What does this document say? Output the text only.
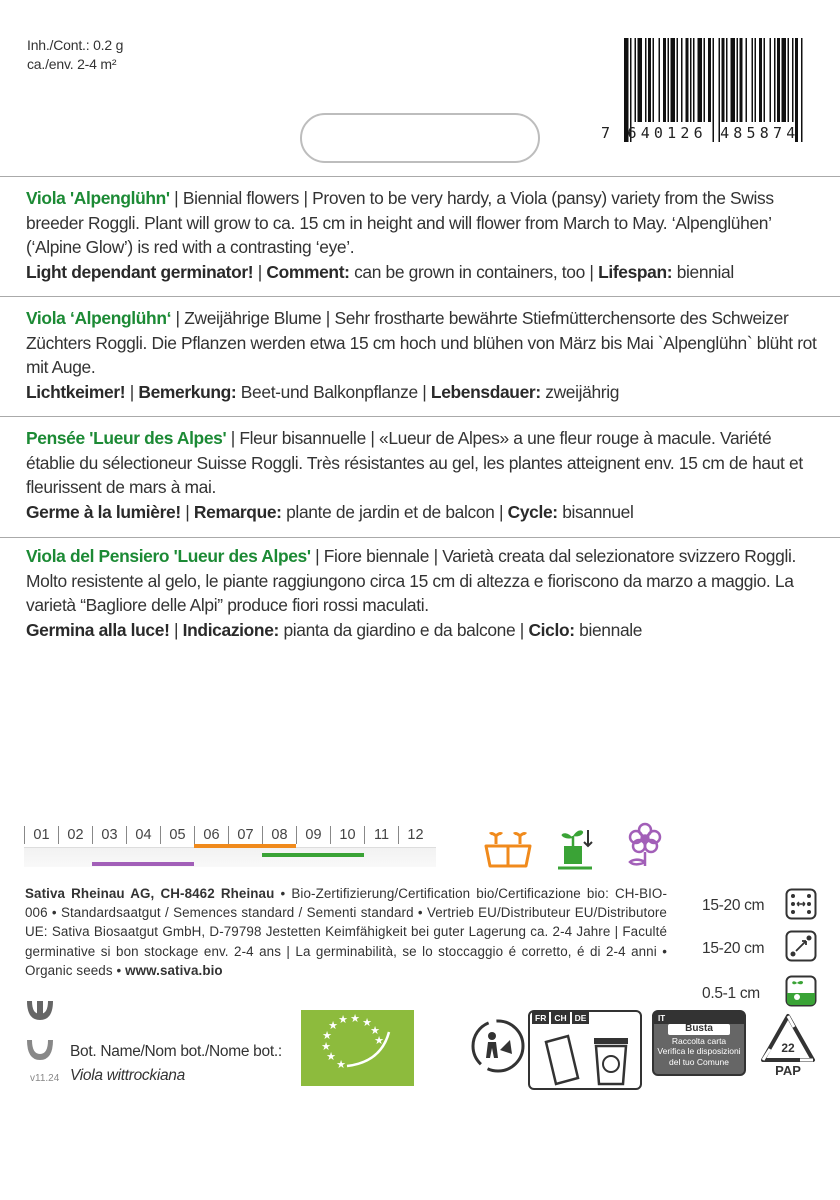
Inh./Cont.: 0.2 g
ca./env. 2-4 m²
7 640126 485874

Viola 'Alpenglühn' | Biennial flowers | Proven to be very hardy, a Viola (pansy) variety from the Swiss breeder Roggli. Plant will grow to ca. 15 cm in height and will flower from March to May. ‘Alpenglühen’ (‘Alpine Glow’) is red with a contrasting ‘eye’.

Light dependant germinator! | Comment: can be grown in containers, too | Lifespan: biennial

Viola ‘Alpenglühn‘ | Zweijährige Blume | Sehr frostharte bewährte Stiefmütterchensorte des Schweizer Züchters Roggli. Die Pflanzen werden etwa 15 cm hoch und blühen von März bis Mai `Alpenglühn` blüht rot mit Auge.

Lichtkeimer! | Bemerkung: Beet-und Balkonpflanze | Lebensdauer: zweijährig

Pensée 'Lueur des Alpes' | Fleur bisannuelle | «Lueur de Alpes» a une fleur rouge à macule. Variété établie du sélectioneur Suisse Roggli. Très résistantes au gel, les plantes atteignent env. 15 cm de haut et fleurissent de mars à mai.

Germe à la lumière! | Remarque: plante de jardin et de balcon | Cycle: bisannuel

Viola del Pensiero 'Lueur des Alpes' | Fiore biennale | Varietà creata dal selezionatore svizzero Roggli. Molto resistente al gelo, le piante raggiungono circa 15 cm di altezza e fioriscono da marzo a maggio. La varietà “Bagliore delle Alpi” produce fiori rossi maculati.

Germina alla luce! | Indicazione: pianta da giardino e da balcone | Ciclo: biennale

01	02	03	04	05	06	07	08	09	10	11	12
Sativa Rheinau AG, CH-8462 Rheinau • Bio-Zertifizierung/Certification bio/Certificazione bio: CH-BIO-006 • Standardsaatgut / Semences standard / Sementi standard • Vertrieb EU/Distributeur EU/Distributore UE: Sativa Biosaatgut GmbH, D-79798 Jestetten Keimfähigkeit bei guter Lagerung ca. 2-4 Jahre | Faculté germinative si bon stockage env. 2-4 ans | La germinabilità, se lo stoccaggio é corretto, é di 2-4 anni • Organic seeds • www.sativa.bio
15-20 cm
15-20 cm
0.5-1 cm
Bot. Name/Nom bot./Nome bot.:
Viola wittrockiana
v11.24
★
★
★
★
★ ★ ★ ★
★
★
FR CH DE	IT
Busta
Raccolta carta
Verifica le disposizioni
del tuo Comune
22
PAP
